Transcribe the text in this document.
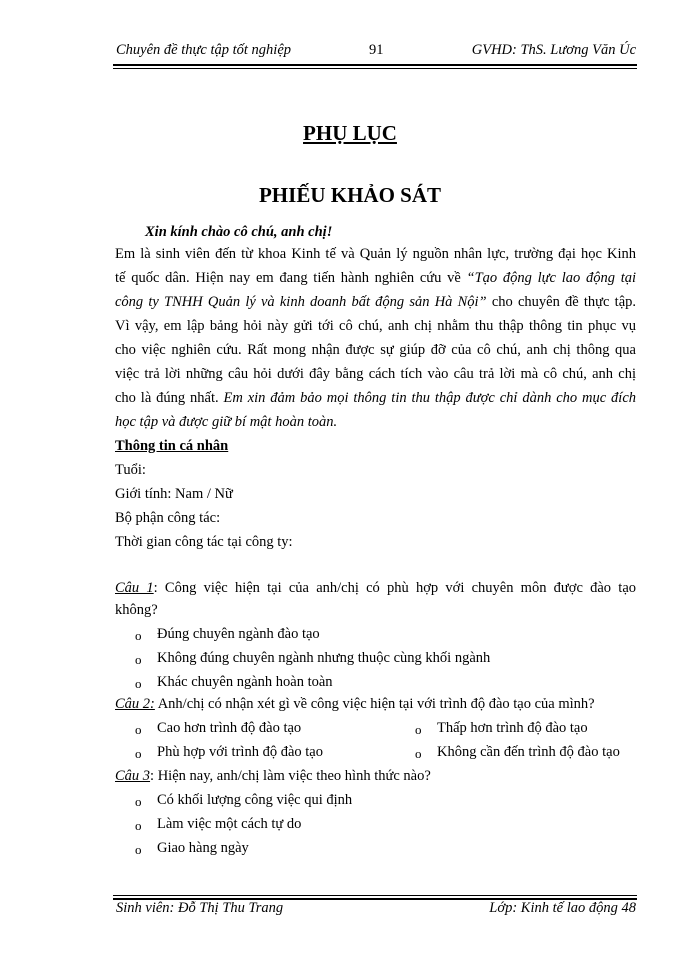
Chuyên đề thực tập tốt nghiệp	91	GVHD: ThS. Lương Văn Úc
PHỤ LỤC
PHIẾU KHẢO SÁT
Xin kính chào cô chú, anh chị!
Em là sinh viên đến từ khoa Kinh tế và Quản lý nguồn nhân lực, trường đại học Kinh
tế quốc dân. Hiện nay em đang tiến hành nghiên cứu về “Tạo động lực lao động tại
công ty TNHH Quản lý và kinh doanh bất động sản Hà Nội” cho chuyên đề thực tập.
Vì vậy, em lập bảng hỏi này gửi tới cô chú, anh chị nhằm thu thập thông tin phục vụ
cho việc nghiên cứu. Rất mong nhận được sự giúp đỡ của cô chú, anh chị thông qua
việc trả lời những câu hỏi dưới đây bằng cách tích vào câu trả lời mà cô chú, anh chị
cho là đúng nhất. Em xin đảm bảo mọi thông tin thu thập được chỉ dành cho mục đích
học tập và được giữ bí mật hoàn toàn.
Thông tin cá nhân
Tuổi:
Giới tính: Nam / Nữ
Bộ phận công tác:
Thời gian công tác tại công ty:
Câu 1: Công việc hiện tại của anh/chị có phù hợp với chuyên môn được đào tạo
không?
o Đúng chuyên ngành đào tạo
o Không đúng chuyên ngành nhưng thuộc cùng khối ngành
o Khác chuyên ngành hoàn toàn
Câu 2: Anh/chị có nhận xét gì về công việc hiện tại với trình độ đào tạo của mình?
o Cao hơn trình độ đào tạo	o Thấp hơn trình độ đào tạo
o Phù hợp với trình độ đào tạo	o Không cần đến trình độ đào tạo
Câu 3: Hiện nay, anh/chị làm việc theo hình thức nào?
o Có khối lượng công việc qui định
o Làm việc một cách tự do
o Giao hàng ngày
Sinh viên: Đỗ Thị Thu Trang	Lớp: Kinh tế lao động 48
